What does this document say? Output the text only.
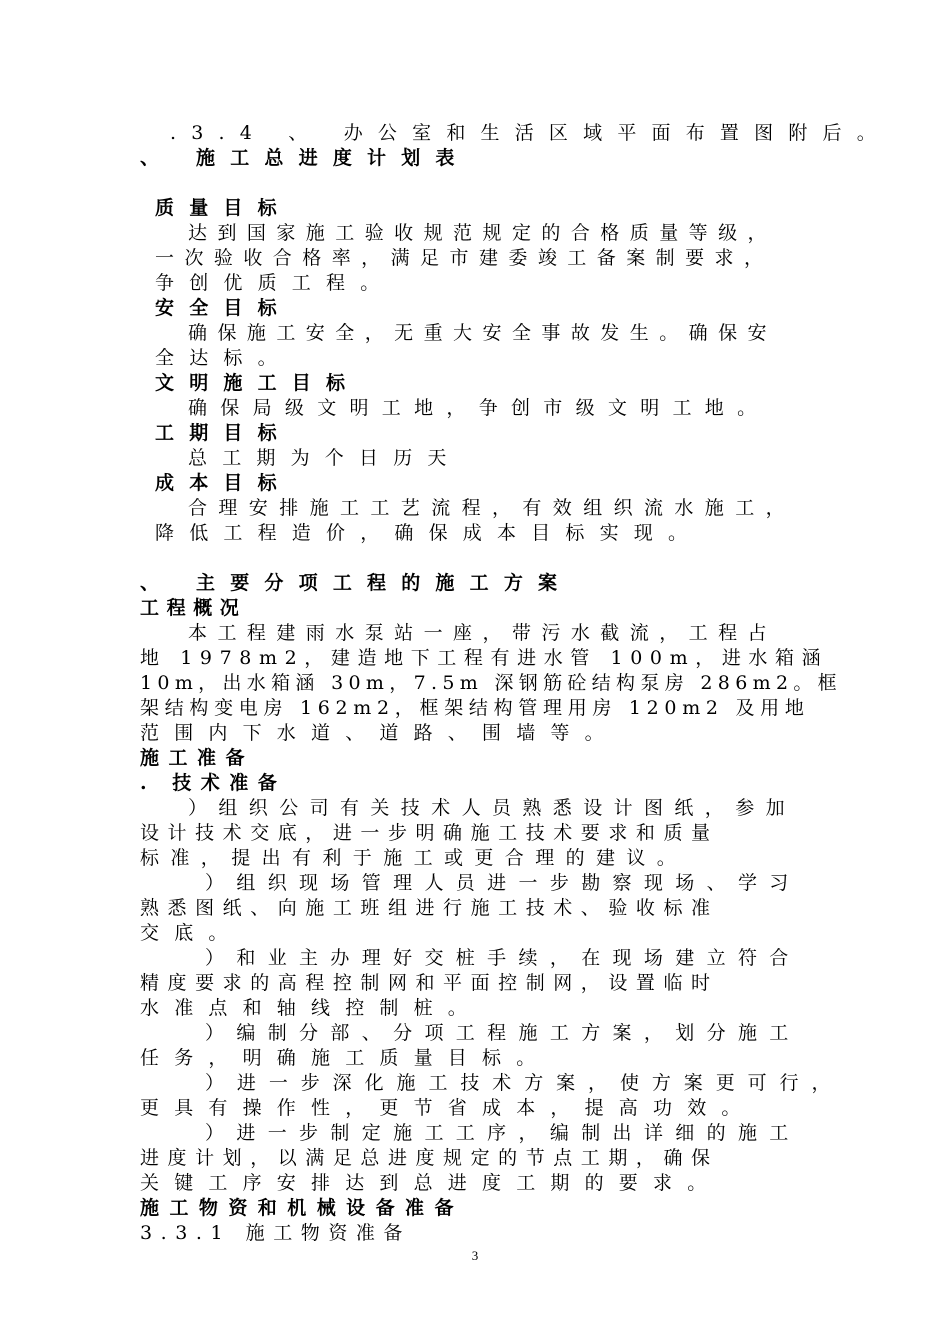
.3.4 、 办公室和生活区域平面布置图附后。
、 施工总进度计划表
质量目标
达到国家施工验收规范规定的合格质量等级，
一次验收合格率，满足市建委竣工备案制要求，
争创优质工程。
安全目标
确保施工安全，无重大安全事故发生。确保安
全达标。
文明施工目标
确保局级文明工地，争创市级文明工地。
工期目标
总工期为个日历天
成本目标
合理安排施工工艺流程，有效组织流水施工，
降低工程造价，确保成本目标实现。
、 主要分项工程的施工方案
工程概况
本工程建雨水泵站一座，带污水截流，工程占
地 1978m2，建造地下工程有进水管 100m，进水箱涵
10m，出水箱涵 30m，7.5m 深钢筋砼结构泵房 286m2。框
架结构变电房 162m2，框架结构管理用房 120m2 及用地
范围内下水道、道路、围墙等。
施工准备
. 技术准备
）组织公司有关技术人员熟悉设计图纸，参加
设计技术交底，进一步明确施工技术要求和质量
标准，提出有利于施工或更合理的建议。
）组织现场管理人员进一步勘察现场、学习
熟悉图纸、向施工班组进行施工技术、验收标准
交底。
）和业主办理好交桩手续，在现场建立符合
精度要求的高程控制网和平面控制网，设置临时
水准点和轴线控制桩。
）编制分部、分项工程施工方案，划分施工
任务，明确施工质量目标。
）进一步深化施工技术方案，使方案更可行，
更具有操作性，更节省成本，提高功效。
）进一步制定施工工序，编制出详细的施工
进度计划，以满足总进度规定的节点工期，确保
关键工序安排达到总进度工期的要求。
施工物资和机械设备准备
3.3.1 施工物资准备
3
